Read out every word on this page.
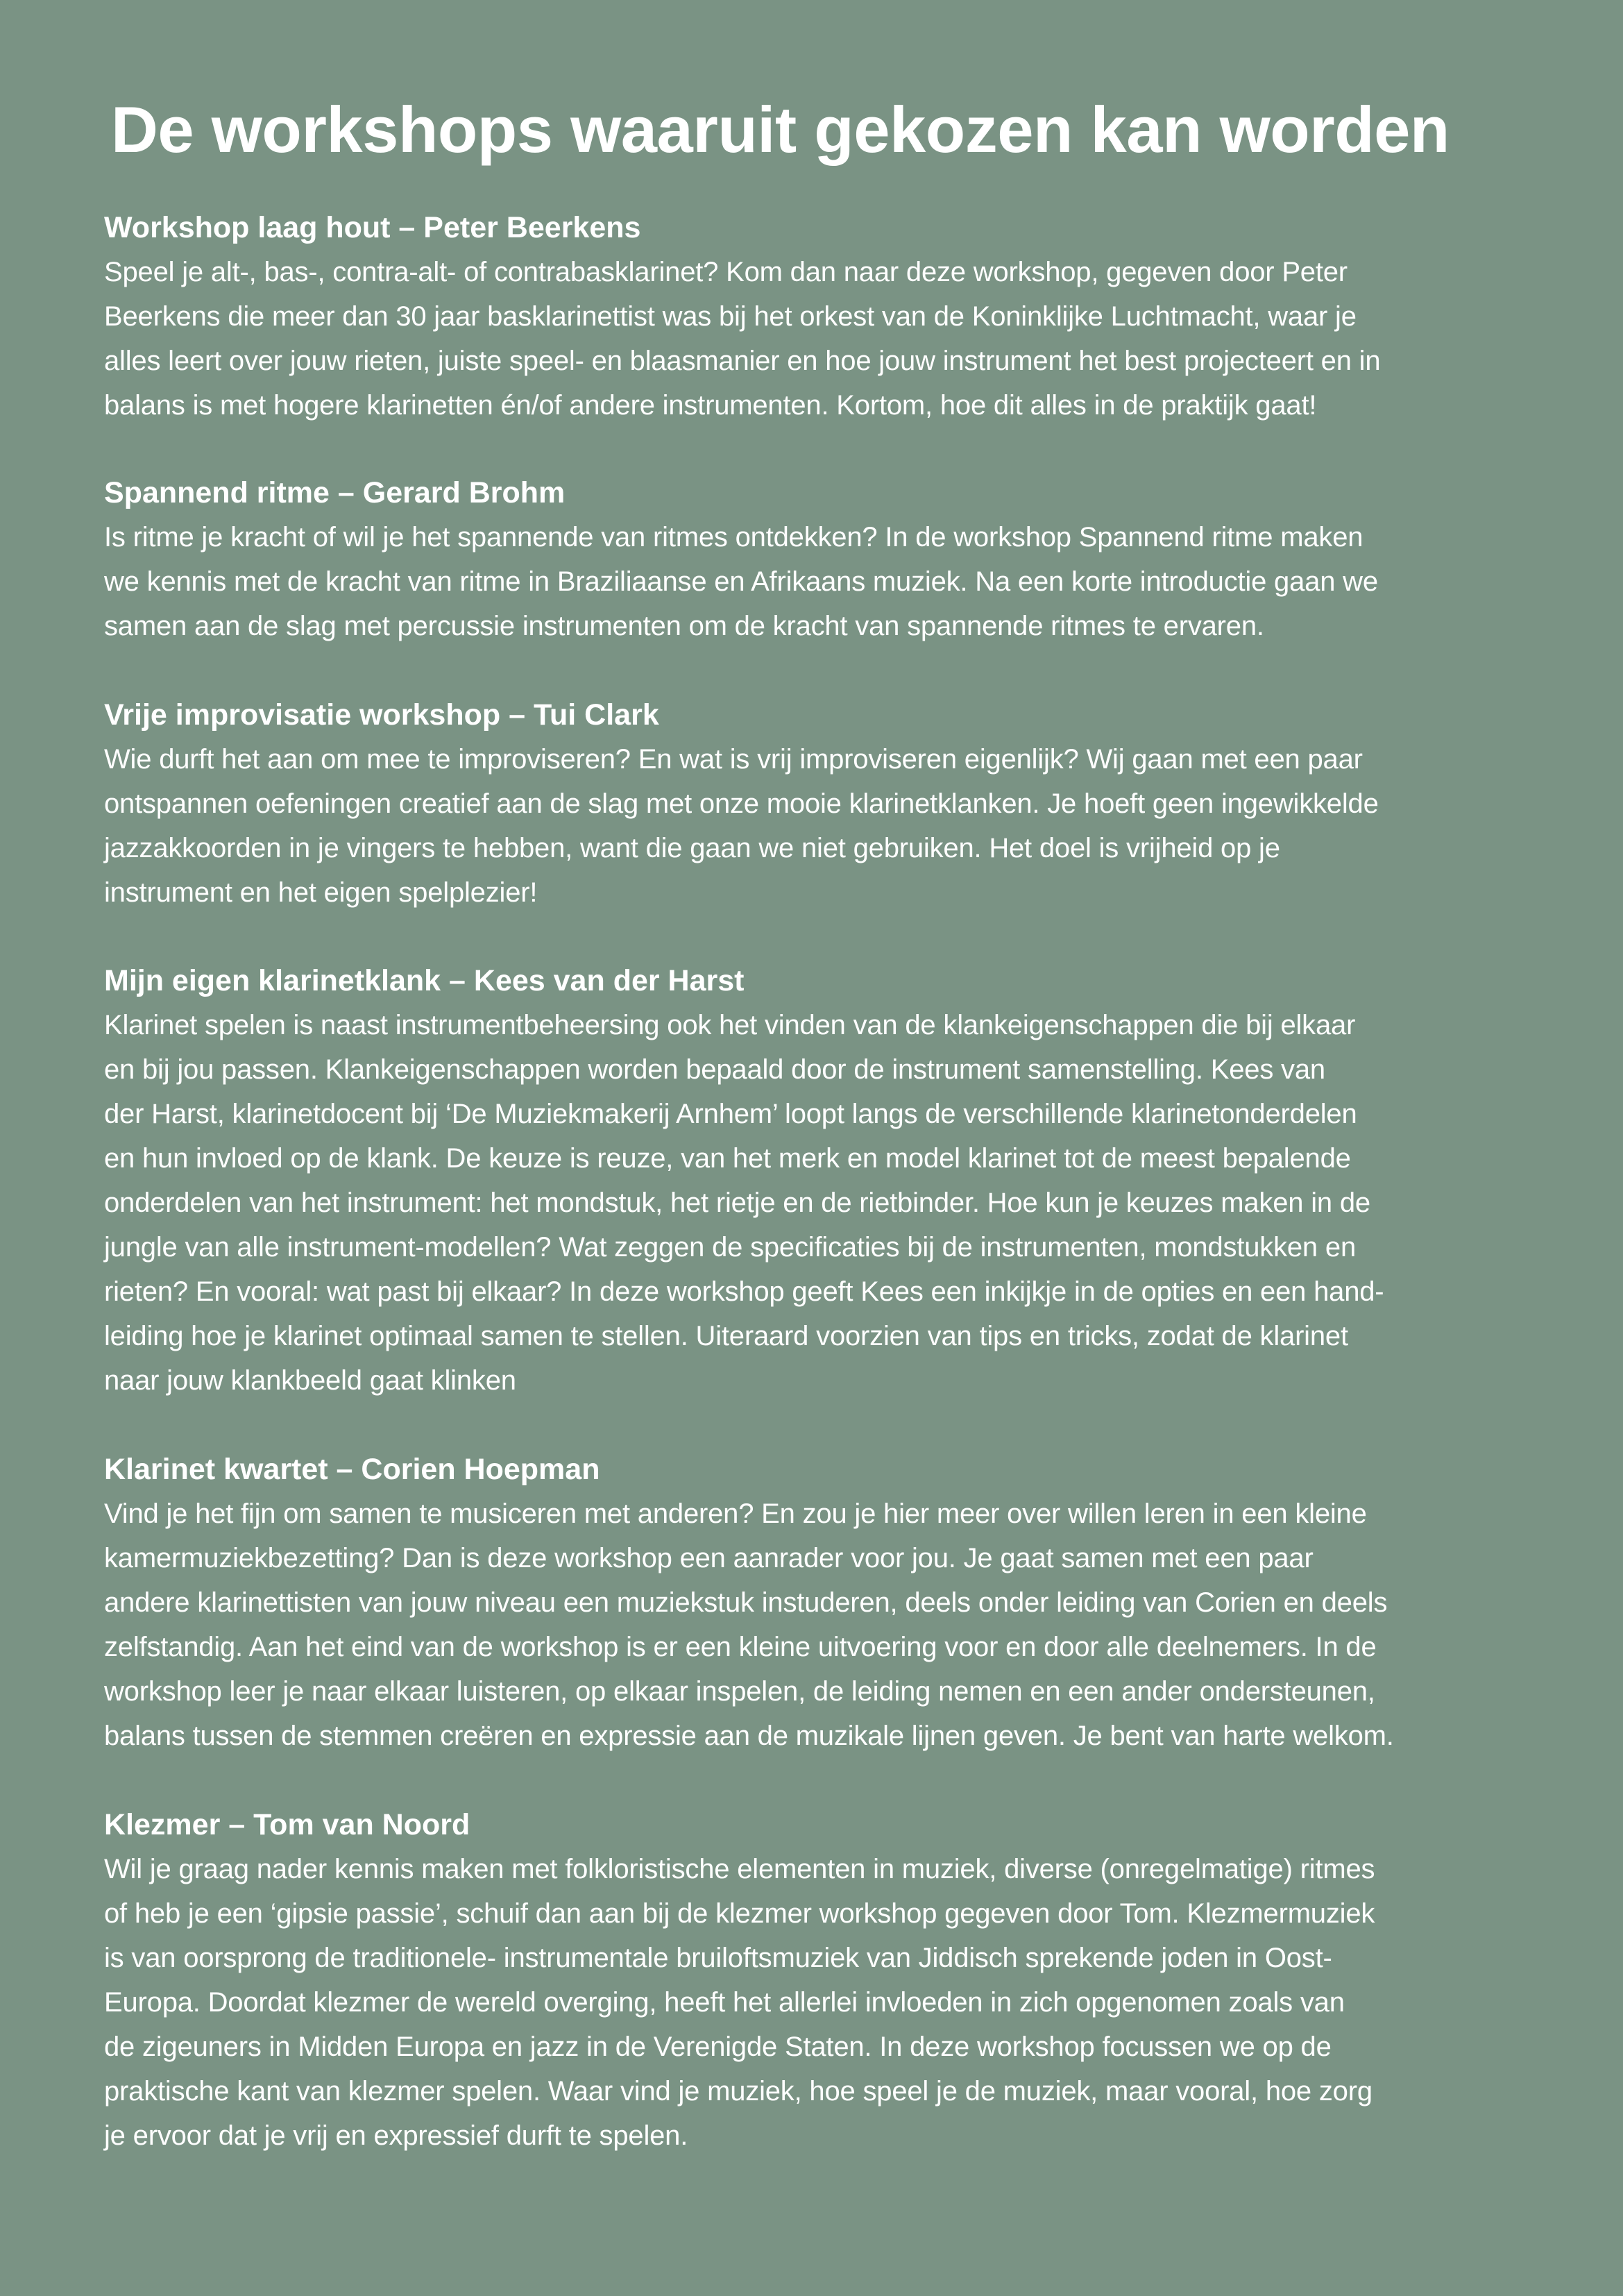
De workshops waaruit gekozen kan worden
Workshop laag hout – Peter Beerkens
Speel je alt-, bas-, contra-alt- of contrabasklarinet? Kom dan naar deze workshop, gegeven door Peter
Beerkens die meer dan 30 jaar basklarinettist was bij het orkest van de Koninklijke Luchtmacht, waar je
alles leert over jouw rieten, juiste speel- en blaasmanier en hoe jouw instrument het best projecteert en in
balans is met hogere klarinetten én/of andere instrumenten. Kortom, hoe dit alles in de praktijk gaat!
Spannend ritme – Gerard Brohm
Is ritme je kracht of wil je het spannende van ritmes ontdekken? In de workshop Spannend ritme maken
we kennis met de kracht van ritme in Braziliaanse en Afrikaans muziek. Na een korte introductie gaan we
samen aan de slag met percussie instrumenten om de kracht van spannende ritmes te ervaren.
Vrije improvisatie workshop – Tui Clark
Wie durft het aan om mee te improviseren? En wat is vrij improviseren eigenlijk? Wij gaan met een paar
ontspannen oefeningen creatief aan de slag met onze mooie klarinetklanken. Je hoeft geen ingewikkelde
jazzakkoorden in je vingers te hebben, want die gaan we niet gebruiken. Het doel is vrijheid op je
instrument en het eigen spelplezier!
Mijn eigen klarinetklank – Kees van der Harst
Klarinet spelen is naast instrumentbeheersing ook het vinden van de klankeigenschappen die bij elkaar
en bij jou passen. Klankeigenschappen worden bepaald door de instrument samenstelling. Kees van
der Harst, klarinetdocent bij ‘De Muziekmakerij Arnhem’ loopt langs de verschillende klarinetonderdelen
en hun invloed op de klank. De keuze is reuze, van het merk en model klarinet tot de meest bepalende
onderdelen van het instrument: het mondstuk, het rietje en de rietbinder. Hoe kun je keuzes maken in de
jungle van alle instrument-modellen? Wat zeggen de specificaties bij de instrumenten, mondstukken en
rieten? En vooral: wat past bij elkaar? In deze workshop geeft Kees een inkijkje in de opties en een hand-
leiding hoe je klarinet optimaal samen te stellen. Uiteraard voorzien van tips en tricks, zodat de klarinet
naar jouw klankbeeld gaat klinken
Klarinet kwartet – Corien Hoepman
Vind je het fijn om samen te musiceren met anderen? En zou je hier meer over willen leren in een kleine
kamermuziekbezetting? Dan is deze workshop een aanrader voor jou. Je gaat samen met een paar
andere klarinettisten van jouw niveau een muziekstuk instuderen, deels onder leiding van Corien en deels
zelfstandig. Aan het eind van de workshop is er een kleine uitvoering voor en door alle deelnemers. In de
workshop leer je naar elkaar luisteren, op elkaar inspelen, de leiding nemen en een ander ondersteunen,
balans tussen de stemmen creëren en expressie aan de muzikale lijnen geven. Je bent van harte welkom.
Klezmer – Tom van Noord
Wil je graag nader kennis maken met folkloristische elementen in muziek, diverse (onregelmatige) ritmes
of heb je een ‘gipsie passie’, schuif dan aan bij de klezmer workshop gegeven door Tom. Klezmermuziek
is van oorsprong de traditionele- instrumentale bruiloftsmuziek van Jiddisch sprekende joden in Oost-
Europa. Doordat klezmer de wereld overging, heeft het allerlei invloeden in zich opgenomen zoals van
de zigeuners in Midden Europa en jazz in de Verenigde Staten. In deze workshop focussen we op de
praktische kant van klezmer spelen. Waar vind je muziek, hoe speel je de muziek, maar vooral, hoe zorg
je ervoor dat je vrij en expressief durft te spelen.
